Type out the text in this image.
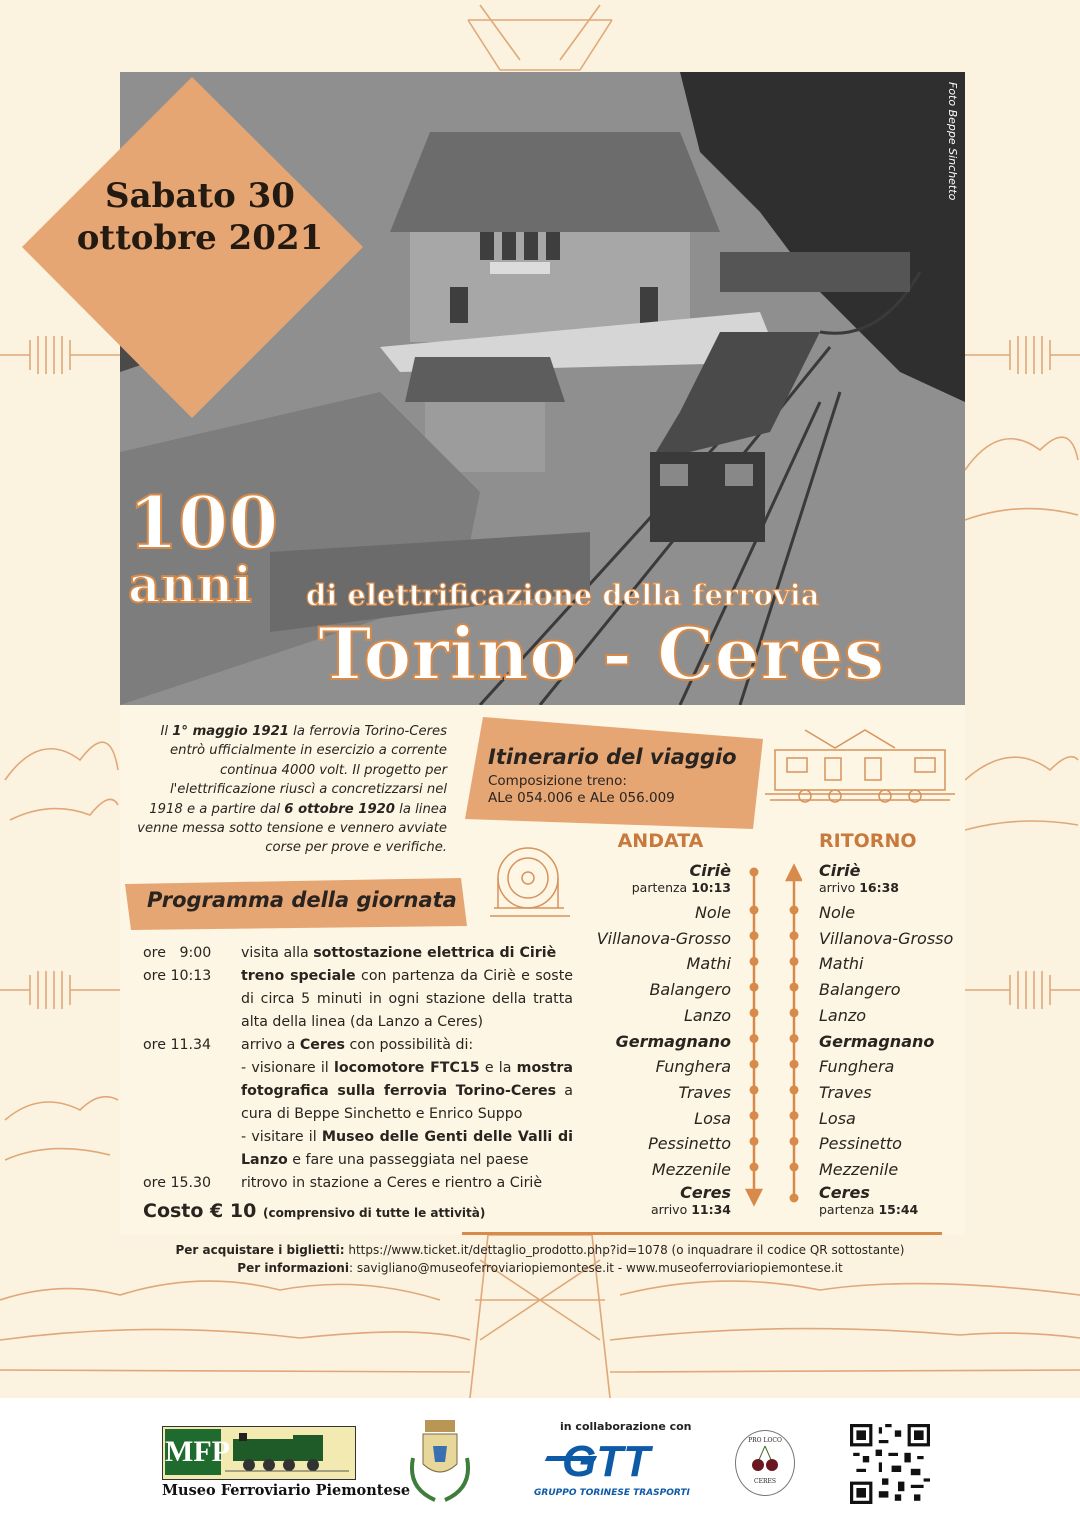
Foto Beppe Sinchetto
Sabato 30
ottobre 2021
100
anni di elettrificazione della ferrovia
Torino - Ceres
Il 1° maggio 1921 la ferrovia Torino-Ceres entrò ufficialmente in esercizio a corrente continua 4000 volt. Il progetto per l'elettrificazione riuscì a concretizzarsi nel 1918 e a partire dal 6 ottobre 1920 la linea venne messa sotto tensione e vennero avviate corse per prove e verifiche.
Itinerario del viaggio
Composizione treno:
ALe 054.006 e ALe 056.009
Programma della giornata
ore   9:00	visita alla sottostazione elettrica di Ciriè
ore 10:13	treno speciale con partenza da Ciriè e soste di circa 5 minuti in ogni stazione della tratta alta della linea (da Lanzo a Ceres)
ore 11.34	arrivo a Ceres con possibilità di:
- visionare il locomotore FTC15 e la mostra fotografica sulla ferrovia Torino-Ceres a cura di Beppe Sinchetto e Enrico Suppo
- visitare il Museo delle Genti delle Valli di Lanzo e fare una passeggiata nel paese
ore 15.30	ritrovo in stazione a Ceres e rientro a Ciriè
Costo € 10 (comprensivo di tutte le attività)
ANDATA
Ciriè
partenza 10:13
Nole
Villanova-Grosso
Mathi
Balangero
Lanzo
Germagnano
Funghera
Traves
Losa
Pessinetto
Mezzenile
Ceres
arrivo 11:34
RITORNO
Ciriè
arrivo 16:38
Nole
Villanova-Grosso
Mathi
Balangero
Lanzo
Germagnano
Funghera
Traves
Losa
Pessinetto
Mezzenile
Ceres
partenza 15:44
Per acquistare i biglietti: https://www.ticket.it/dettaglio_prodotto.php?id=1078 (o inquadrare il codice QR sottostante)
Per informazioni: savigliano@museoferroviariopiemontese.it - www.museoferroviariopiemontese.it
MFP
Museo Ferroviario Piemontese
in collaborazione con
GTT
GRUPPO TORINESE TRASPORTI
PRO LOCO
CERES
